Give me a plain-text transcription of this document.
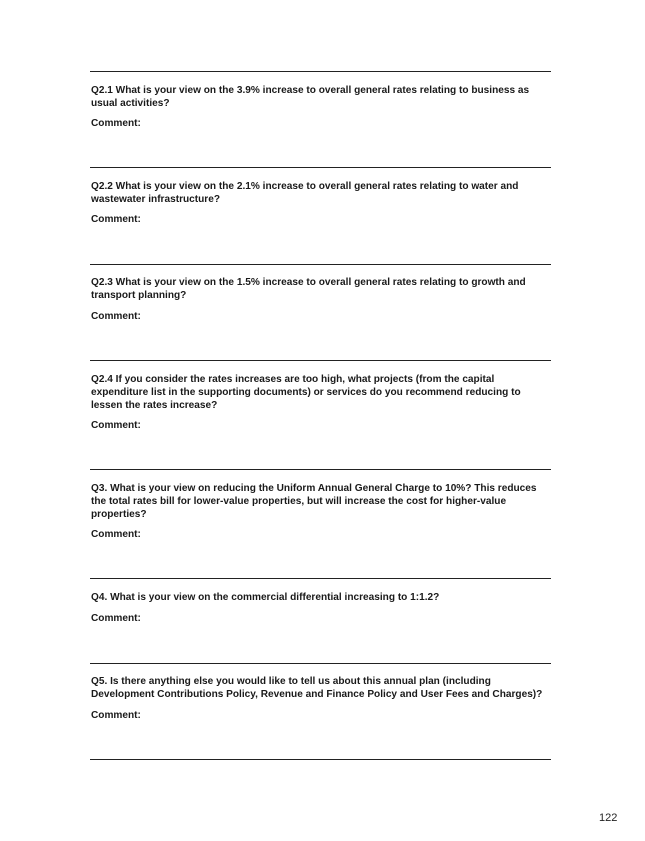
Q2.1 What is your view on the 3.9% increase to overall general rates relating to business as usual activities?

Comment:

Q2.2 What is your view on the 2.1% increase to overall general rates relating to water and wastewater infrastructure?

Comment:

Q2.3 What is your view on the 1.5% increase to overall general rates relating to growth and transport planning?

Comment:

Q2.4 If you consider the rates increases are too high, what projects (from the capital expenditure list in the supporting documents) or services do you recommend reducing to lessen the rates increase?

Comment:

Q3. What is your view on reducing the Uniform Annual General Charge to 10%? This reduces the total rates bill for lower-value properties, but will increase the cost for higher-value properties?

Comment:

Q4. What is your view on the commercial differential increasing to 1:1.2?

Comment:

Q5. Is there anything else you would like to tell us about this annual plan (including Development Contributions Policy, Revenue and Finance Policy and User Fees and Charges)?

Comment:

122
